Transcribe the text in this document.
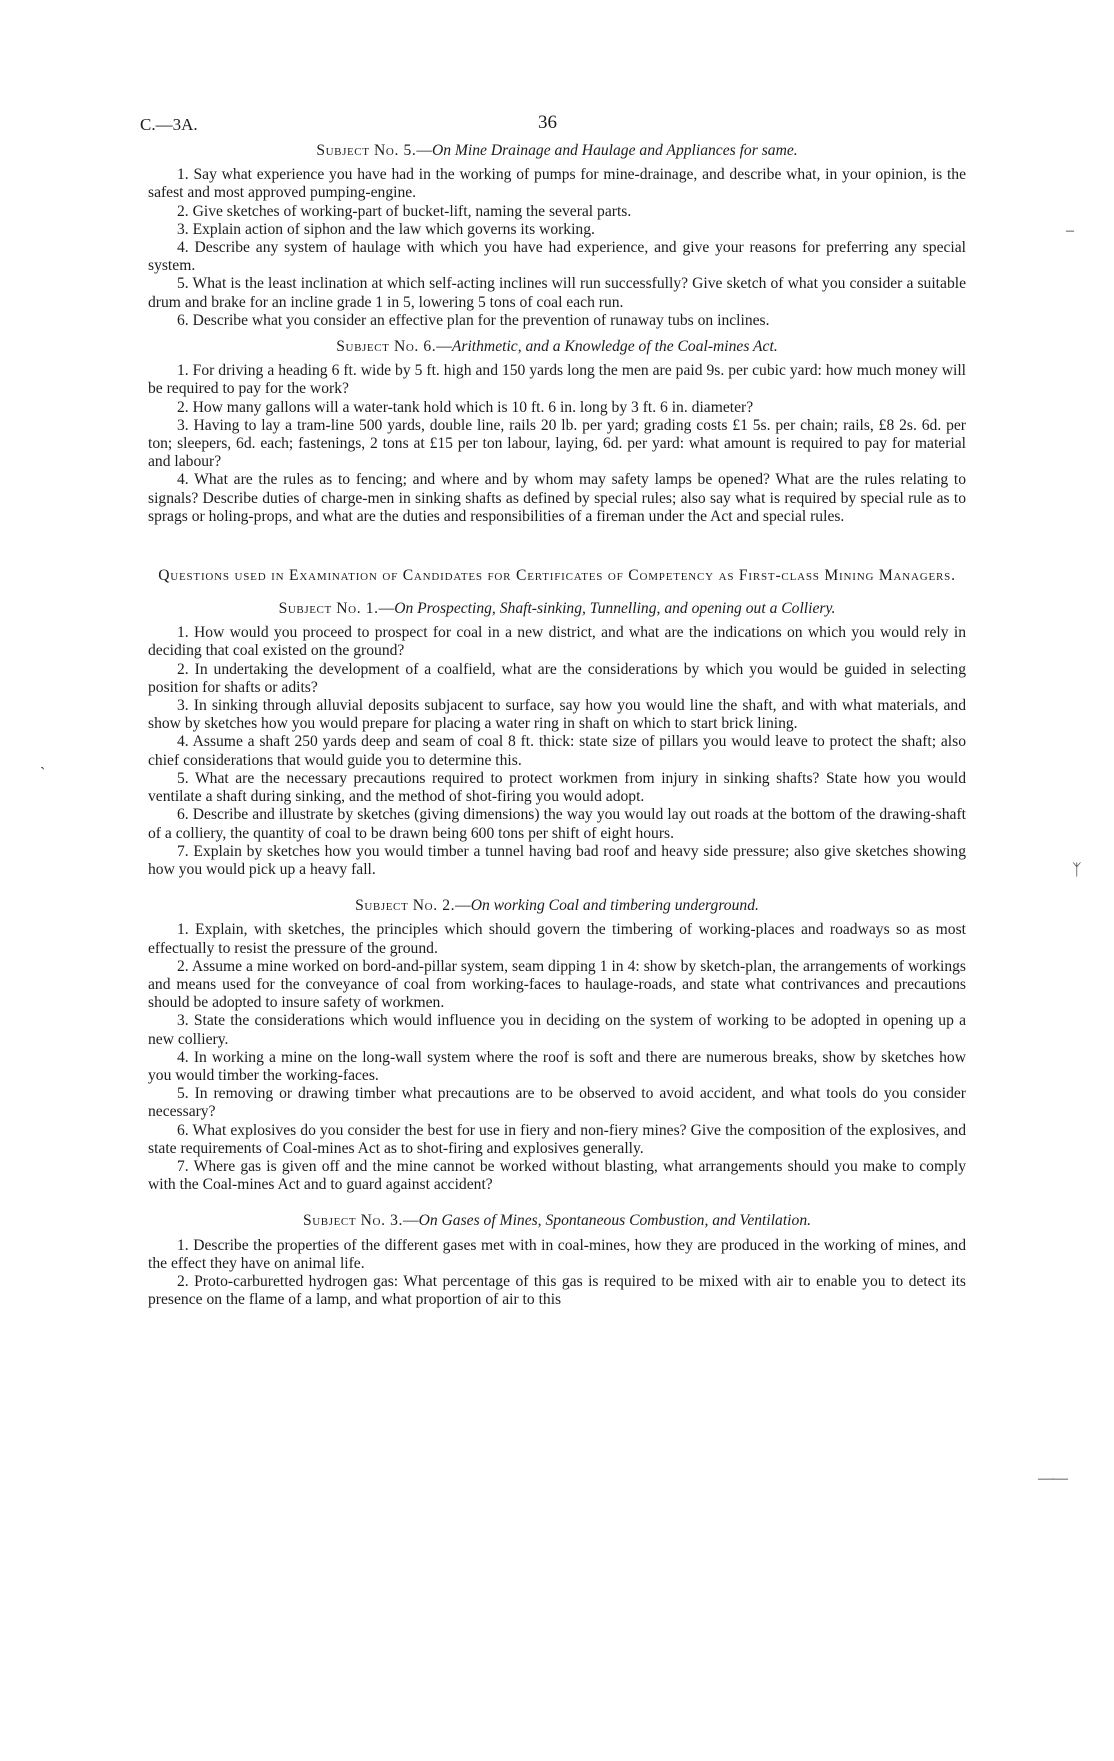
–
`
ᛉ
——
C.—3A.	36

Subject No. 5.—On Mine Drainage and Haulage and Appliances for same.

1. Say what experience you have had in the working of pumps for mine-drainage, and describe what, in your opinion, is the safest and most approved pumping-engine.

2. Give sketches of working-part of bucket-lift, naming the several parts.

3. Explain action of siphon and the law which governs its working.

4. Describe any system of haulage with which you have had experience, and give your reasons for preferring any special system.

5. What is the least inclination at which self-acting inclines will run successfully? Give sketch of what you consider a suitable drum and brake for an incline grade 1 in 5, lowering 5 tons of coal each run.

6. Describe what you consider an effective plan for the prevention of runaway tubs on inclines.

Subject No. 6.—Arithmetic, and a Knowledge of the Coal-mines Act.

1. For driving a heading 6 ft. wide by 5 ft. high and 150 yards long the men are paid 9s. per cubic yard: how much money will be required to pay for the work?

2. How many gallons will a water-tank hold which is 10 ft. 6 in. long by 3 ft. 6 in. diameter?

3. Having to lay a tram-line 500 yards, double line, rails 20 lb. per yard; grading costs £1 5s. per chain; rails, £8 2s. 6d. per ton; sleepers, 6d. each; fastenings, 2 tons at £15 per ton labour, laying, 6d. per yard: what amount is required to pay for material and labour?

4. What are the rules as to fencing; and where and by whom may safety lamps be opened? What are the rules relating to signals? Describe duties of charge-men in sinking shafts as defined by special rules; also say what is required by special rule as to sprags or holing-props, and what are the duties and responsibilities of a fireman under the Act and special rules.

Questions used in Examination of Candidates for Certificates of Competency as First-class Mining Managers.

Subject No. 1.—On Prospecting, Shaft-sinking, Tunnelling, and opening out a Colliery.

1. How would you proceed to prospect for coal in a new district, and what are the indications on which you would rely in deciding that coal existed on the ground?

2. In undertaking the development of a coalfield, what are the considerations by which you would be guided in selecting position for shafts or adits?

3. In sinking through alluvial deposits subjacent to surface, say how you would line the shaft, and with what materials, and show by sketches how you would prepare for placing a water ring in shaft on which to start brick lining.

4. Assume a shaft 250 yards deep and seam of coal 8 ft. thick: state size of pillars you would leave to protect the shaft; also chief considerations that would guide you to determine this.

5. What are the necessary precautions required to protect workmen from injury in sinking shafts? State how you would ventilate a shaft during sinking, and the method of shot-firing you would adopt.

6. Describe and illustrate by sketches (giving dimensions) the way you would lay out roads at the bottom of the drawing-shaft of a colliery, the quantity of coal to be drawn being 600 tons per shift of eight hours.

7. Explain by sketches how you would timber a tunnel having bad roof and heavy side pressure; also give sketches showing how you would pick up a heavy fall.

Subject No. 2.—On working Coal and timbering underground.

1. Explain, with sketches, the principles which should govern the timbering of working-places and roadways so as most effectually to resist the pressure of the ground.

2. Assume a mine worked on bord-and-pillar system, seam dipping 1 in 4: show by sketch-plan, the arrangements of workings and means used for the conveyance of coal from working-faces to haulage-roads, and state what contrivances and precautions should be adopted to insure safety of workmen.

3. State the considerations which would influence you in deciding on the system of working to be adopted in opening up a new colliery.

4. In working a mine on the long-wall system where the roof is soft and there are numerous breaks, show by sketches how you would timber the working-faces.

5. In removing or drawing timber what precautions are to be observed to avoid accident, and what tools do you consider necessary?

6. What explosives do you consider the best for use in fiery and non-fiery mines? Give the composition of the explosives, and state requirements of Coal-mines Act as to shot-firing and explosives generally.

7. Where gas is given off and the mine cannot be worked without blasting, what arrangements should you make to comply with the Coal-mines Act and to guard against accident?

Subject No. 3.—On Gases of Mines, Spontaneous Combustion, and Ventilation.

1. Describe the properties of the different gases met with in coal-mines, how they are produced in the working of mines, and the effect they have on animal life.

2. Proto-carburetted hydrogen gas: What percentage of this gas is required to be mixed with air to enable you to detect its presence on the flame of a lamp, and what proportion of air to this
